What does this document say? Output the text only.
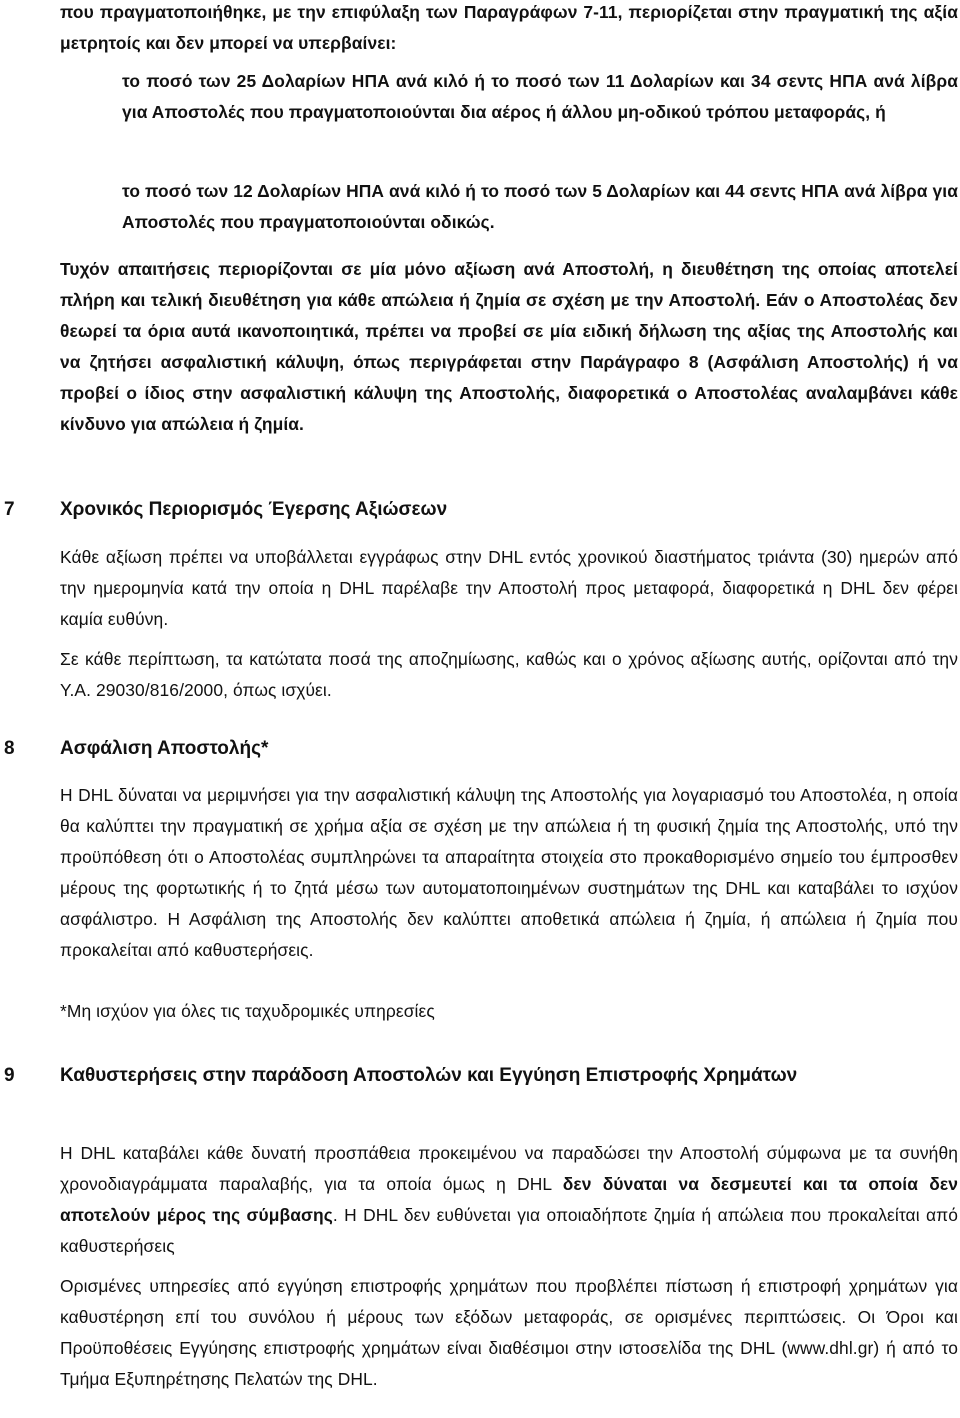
που πραγματοποιήθηκε, με την επιφύλαξη των Παραγράφων 7-11, περιορίζεται στην πραγματική της αξία μετρητοίς και δεν μπορεί να υπερβαίνει:

το ποσό των 25 Δολαρίων ΗΠΑ ανά κιλό ή το ποσό των 11 Δολαρίων και 34 σεντς ΗΠΑ ανά λίβρα για Αποστολές που πραγματοποιούνται δια αέρος ή άλλου μη-οδικού τρόπου μεταφοράς, ή

το ποσό των 12 Δολαρίων ΗΠΑ ανά κιλό ή το ποσό των 5 Δολαρίων και 44 σεντς ΗΠΑ ανά λίβρα για Αποστολές που πραγματοποιούνται οδικώς.

Τυχόν απαιτήσεις περιορίζονται σε μία μόνο αξίωση ανά Αποστολή, η διευθέτηση της οποίας αποτελεί πλήρη και τελική διευθέτηση για κάθε απώλεια ή ζημία σε σχέση με την Αποστολή. Εάν ο Αποστολέας δεν θεωρεί τα όρια αυτά ικανοποιητικά, πρέπει να προβεί σε μία ειδική δήλωση της αξίας της Αποστολής και να ζητήσει ασφαλιστική κάλυψη, όπως περιγράφεται στην Παράγραφο 8 (Ασφάλιση Αποστολής) ή να προβεί ο ίδιος στην ασφαλιστική κάλυψη της Αποστολής, διαφορετικά ο Αποστολέας αναλαμβάνει κάθε κίνδυνο για απώλεια ή ζημία.

7 Χρονικός Περιορισμός Έγερσης Αξιώσεων

Κάθε αξίωση πρέπει να υποβάλλεται εγγράφως στην DHL εντός χρονικού διαστήματος τριάντα (30) ημερών από την ημερομηνία κατά την οποία η DHL παρέλαβε την Αποστολή προς μεταφορά, διαφορετικά η DHL δεν φέρει καμία ευθύνη.

Σε κάθε περίπτωση, τα κατώτατα ποσά της αποζημίωσης, καθώς και ο χρόνος αξίωσης αυτής, ορίζονται από την Υ.Α. 29030/816/2000, όπως ισχύει.

8 Ασφάλιση Αποστολής*

Η DHL δύναται να μεριμνήσει για την ασφαλιστική κάλυψη της Αποστολής για λογαριασμό του Αποστολέα, η οποία θα καλύπτει την πραγματική σε χρήμα αξία σε σχέση με την απώλεια ή τη φυσική ζημία της Αποστολής, υπό την προϋπόθεση ότι ο Αποστολέας συμπληρώνει τα απαραίτητα στοιχεία στο προκαθορισμένο σημείο του έμπροσθεν μέρους της φορτωτικής ή το ζητά μέσω των αυτοματοποιημένων συστημάτων της DHL και καταβάλει το ισχύον ασφάλιστρο. Η Ασφάλιση της Αποστολής δεν καλύπτει αποθετικά απώλεια ή ζημία, ή απώλεια ή ζημία που προκαλείται από καθυστερήσεις.

*Μη ισχύον για όλες τις ταχυδρομικές υπηρεσίες

9 Καθυστερήσεις στην παράδοση Αποστολών και Εγγύηση Επιστροφής Χρημάτων

Η DHL καταβάλει κάθε δυνατή προσπάθεια προκειμένου να παραδώσει την Αποστολή σύμφωνα με τα συνήθη χρονοδιαγράμματα παραλαβής, για τα οποία όμως η DHL δεν δύναται να δεσμευτεί και τα οποία δεν αποτελούν μέρος της σύμβασης. Η DHL δεν ευθύνεται για οποιαδήποτε ζημία ή απώλεια που προκαλείται από καθυστερήσεις

Ορισμένες υπηρεσίες από εγγύηση επιστροφής χρημάτων που προβλέπει πίστωση ή επιστροφή χρημάτων για καθυστέρηση επί του συνόλου ή μέρους των εξόδων μεταφοράς, σε ορισμένες περιπτώσεις. Οι Όροι και Προϋποθέσεις Εγγύησης επιστροφής χρημάτων είναι διαθέσιμοι στην ιστοσελίδα της DHL (www.dhl.gr) ή από το Τμήμα Εξυπηρέτησης Πελατών της DHL.
